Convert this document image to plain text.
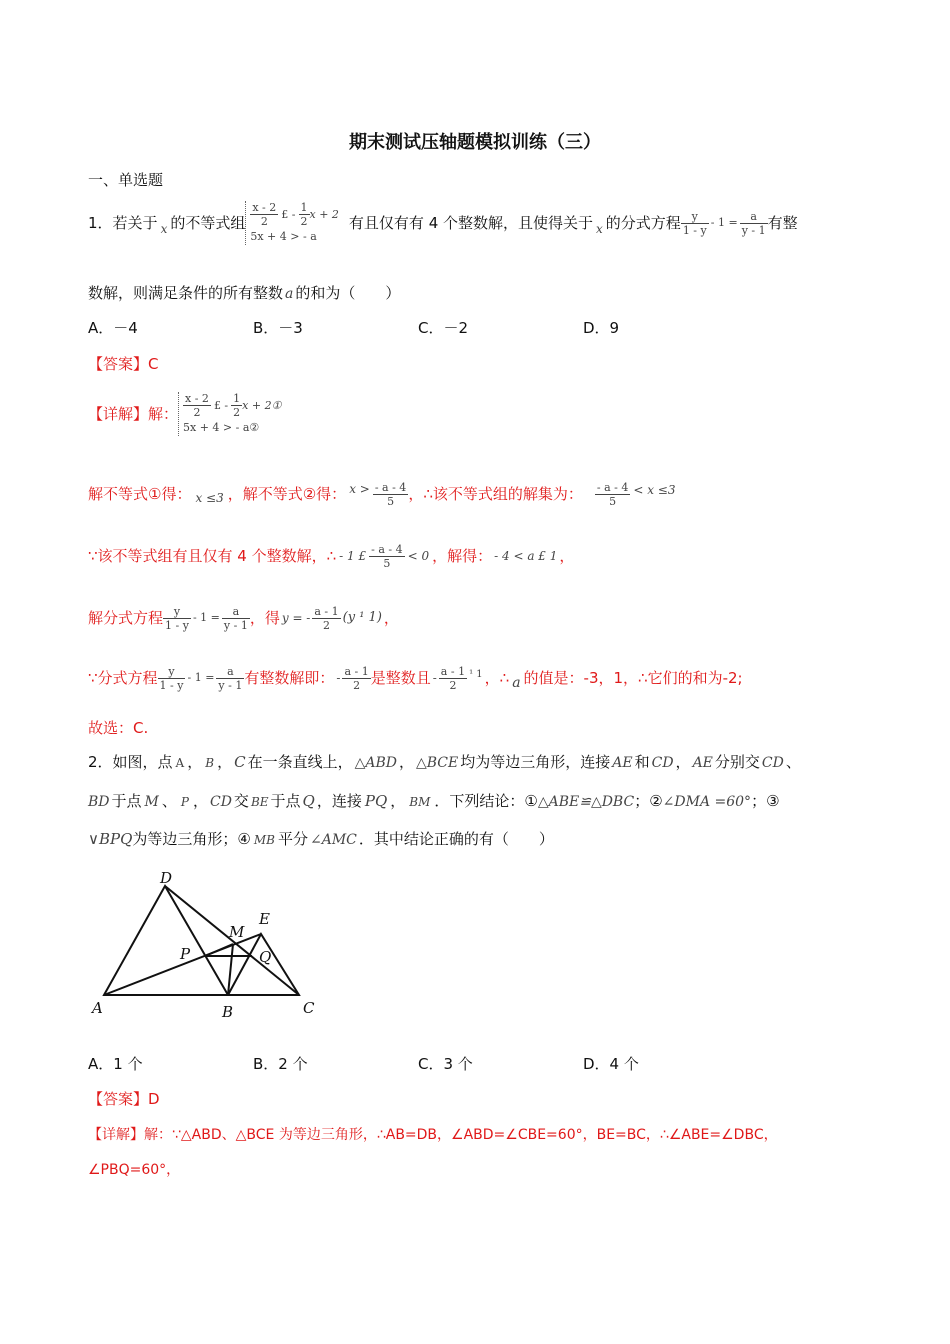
期末测试压轴题模拟训练（三）
一、单选题
1． 若关于 x 的不等式组 $\frac{x - 2}{2}$ £ - $\frac{1}{2}$ x + 2
5x + 4 > - a
有且仅有有 4 个整数解，且使得关于 x 的分式方程 $\frac{y}{1 - y} - 1 = \frac{a}{y - 1}$ 有整
数解，则满足条件的所有整数 a 的和为（　　）
A．－4	B．－3	C．－2	D．9
【答案】C
【详解】解： $\frac{x - 2}{2}$ £ - $\frac{1}{2}$ x + 2①
5x + 4 > - a②
解不等式①得： x ≤3 ，解不等式②得： $x > \frac{- a - 4}{5}$ ，∴该不等式组的解集为： $\frac{- a - 4}{5} < x \le 3$
∵该不等式组有且仅有 4 个整数解，∴ - 1 £ $\frac{- a - 4}{5} < 0$ ，解得： - 4 < a £ 1 ，
解分式方程 $\frac{y}{1 - y} - 1 = \frac{a}{y - 1}$ ，得 y = - $\frac{a - 1}{2} (y$ ¹ 1) ，
∵分式方程 $\frac{y}{1 - y} - 1 = \frac{a}{y - 1}$ 有整数解即： - $\frac{a - 1}{2}$ 是整数且 - $\frac{a - 1}{2} ^1$ 1 ，∴ a 的值是：-3，1，∴它们的和为-2;
故选：C.
2．如图，点 A ， B ， C 在一条直线上， △ABD ， △BCE 均为等边三角形，连接 AE 和 CD ， AE 分别交 CD 、
BD 于点 M 、 P ， CD 交 BE 于点 Q ，连接 PQ ， BM ．下列结论：①△ABE≌△DBC；②∠DMA =60°；③
∨BPQ为等边三角形；④ MB 平分 ∠AMC ．其中结论正确的有（　　）
D
M
E
P	Q
A	B	C
A．1 个	B．2 个	C．3 个	D．4 个
【答案】D
【详解】解：∵△ABD、△BCE 为等边三角形，∴AB=DB，∠ABD=∠CBE=60°，BE=BC，∴∠ABE=∠DBC，
∠PBQ=60°，
